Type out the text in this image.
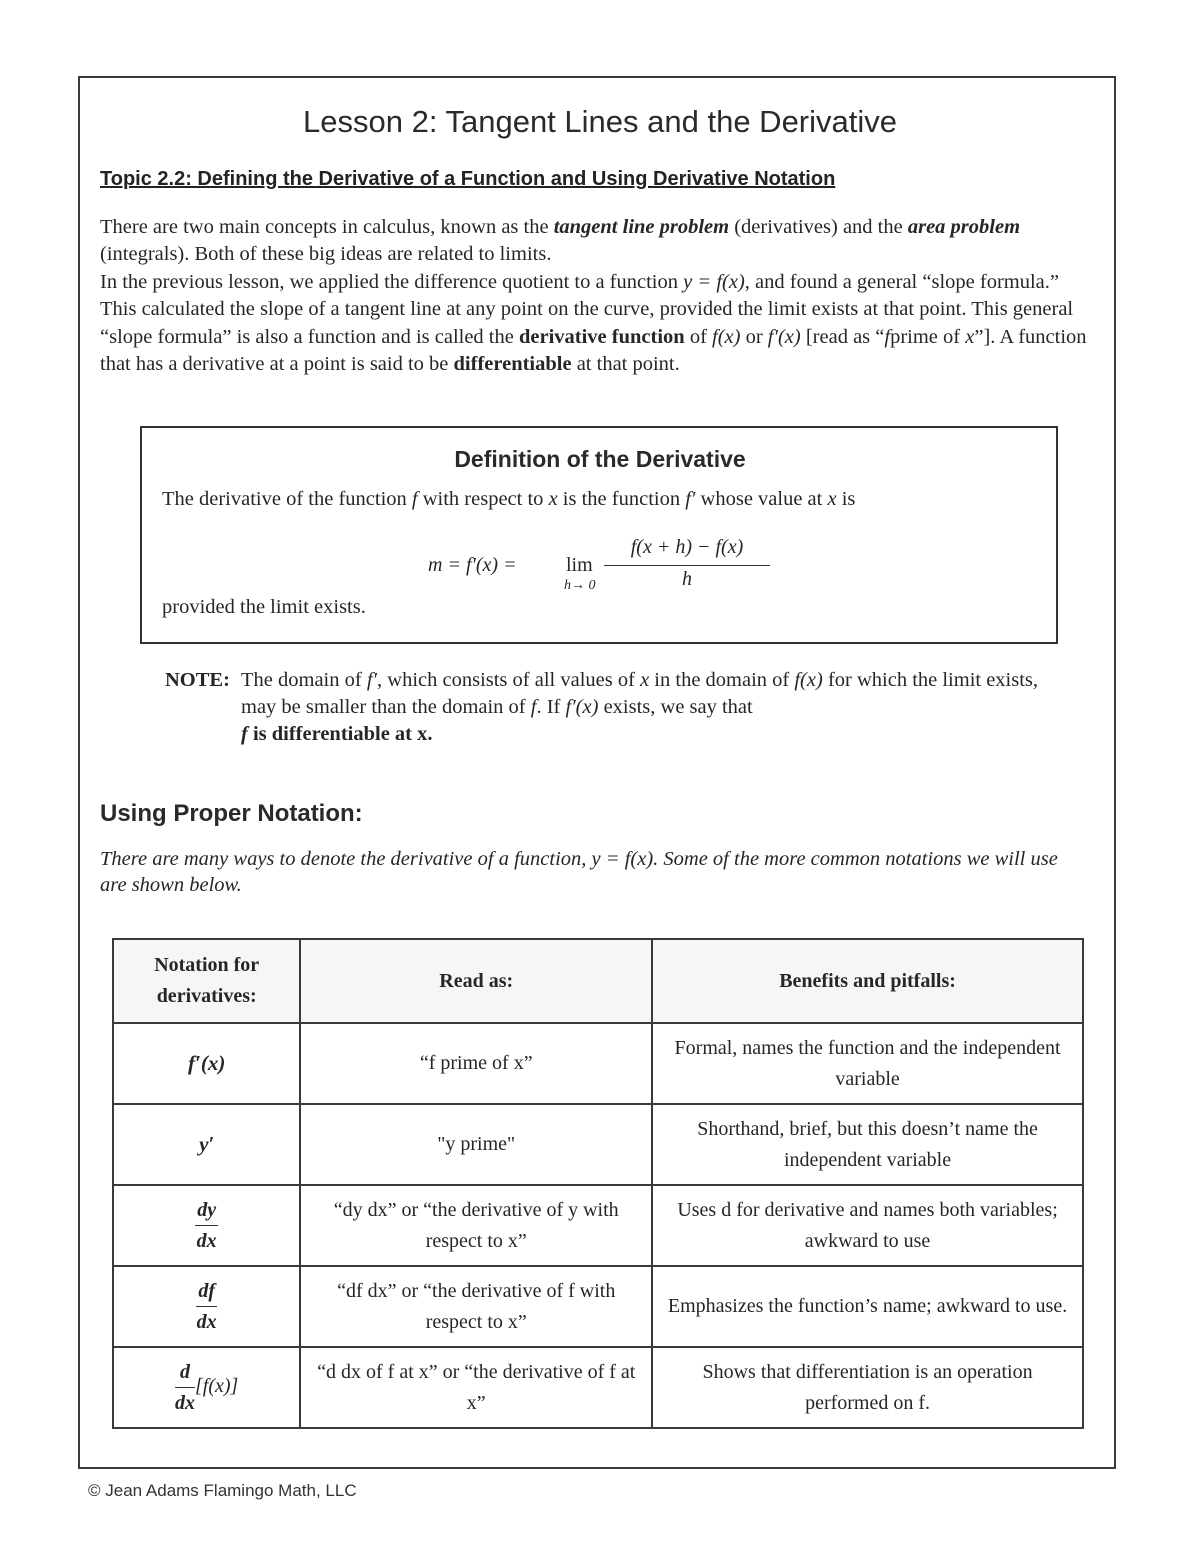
Lesson 2: Tangent Lines and the Derivative
Topic 2.2: Defining the Derivative of a Function and Using Derivative Notation

There are two main concepts in calculus, known as the tangent line problem (derivatives) and the area problem (integrals). Both of these big ideas are related to limits.

In the previous lesson, we applied the difference quotient to a function y = f(x), and found a general “slope formula.” This calculated the slope of a tangent line at any point on the curve, provided the limit exists at that point. This general “slope formula” is also a function and is called the derivative function of f(x) or f′(x) [read as “fprime of x”]. A function that has a derivative at a point is said to be differentiable at that point.

Definition of the Derivative
The derivative of the function f with respect to x is the function f′ whose value at x is
m = f′(x) = lim
h→ 0
f(x + h) − f(x)
h
provided the limit exists.
NOTE: The domain of f′, which consists of all values of x in the domain of f(x) for which the limit exists, may be smaller than the domain of f. If f′(x) exists, we say that
f is differentiable at x.
Using Proper Notation:
There are many ways to denote the derivative of a function, y = f(x). Some of the more common notations we will use are shown below.
Notation for derivatives:	Read as:	Benefits and pitfalls:
f′(x)	“f prime of x”	Formal, names the function and the independent variable
y′	"y prime"	Shorthand, brief, but this doesn’t name the independent variable

$\frac{dy}{dx}$	“dy dx” or “the derivative of y with respect to x”	Uses d for derivative and names both variables; awkward to use

$\frac{df}{dx}$	“df dx” or “the derivative of f with respect to x”	Emphasizes the function’s name; awkward to use.

$\frac{d}{dx} [f(x)]$	“d dx of f at x” or “the derivative of f at x”	Shows that differentiation is an operation performed on f.
© Jean Adams Flamingo Math, LLC
